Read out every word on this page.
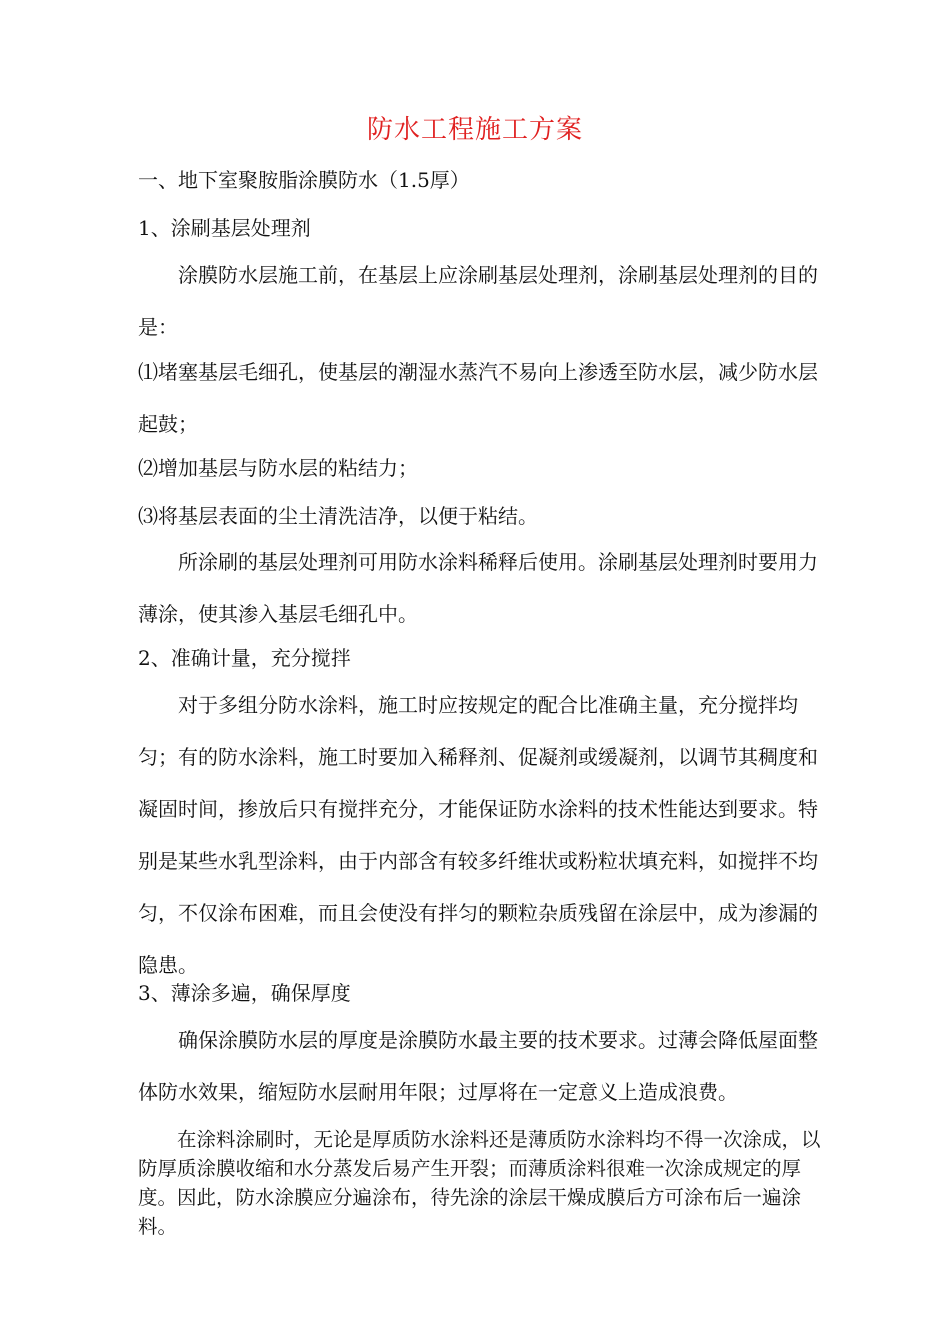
防水工程施工方案
一、地下室聚胺脂涂膜防水（1.5厚）
1、涂刷基层处理剂

涂膜防水层施工前，在基层上应涂刷基层处理剂，涂刷基层处理剂的目的是：

⑴堵塞基层毛细孔，使基层的潮湿水蒸汽不易向上渗透至防水层，减少防水层起鼓；

⑵增加基层与防水层的粘结力；
⑶将基层表面的尘土清洗洁净，以便于粘结。

所涂刷的基层处理剂可用防水涂料稀释后使用。涂刷基层处理剂时要用力薄涂，使其渗入基层毛细孔中。

2、准确计量，充分搅拌

对于多组分防水涂料，施工时应按规定的配合比准确主量，充分搅拌均匀；有的防水涂料，施工时要加入稀释剂、促凝剂或缓凝剂，以调节其稠度和凝固时间，掺放后只有搅拌充分，才能保证防水涂料的技术性能达到要求。特别是某些水乳型涂料，由于内部含有较多纤维状或粉粒状填充料，如搅拌不均匀，不仅涂布困难，而且会使没有拌匀的颗粒杂质残留在涂层中，成为渗漏的隐患。

3、薄涂多遍，确保厚度

确保涂膜防水层的厚度是涂膜防水最主要的技术要求。过薄会降低屋面整体防水效果，缩短防水层耐用年限；过厚将在一定意义上造成浪费。

在涂料涂刷时，无论是厚质防水涂料还是薄质防水涂料均不得一次涂成，以防厚质涂膜收缩和水分蒸发后易产生开裂；而薄质涂料很难一次涂成规定的厚度。因此，防水涂膜应分遍涂布，待先涂的涂层干燥成膜后方可涂布后一遍涂料。
